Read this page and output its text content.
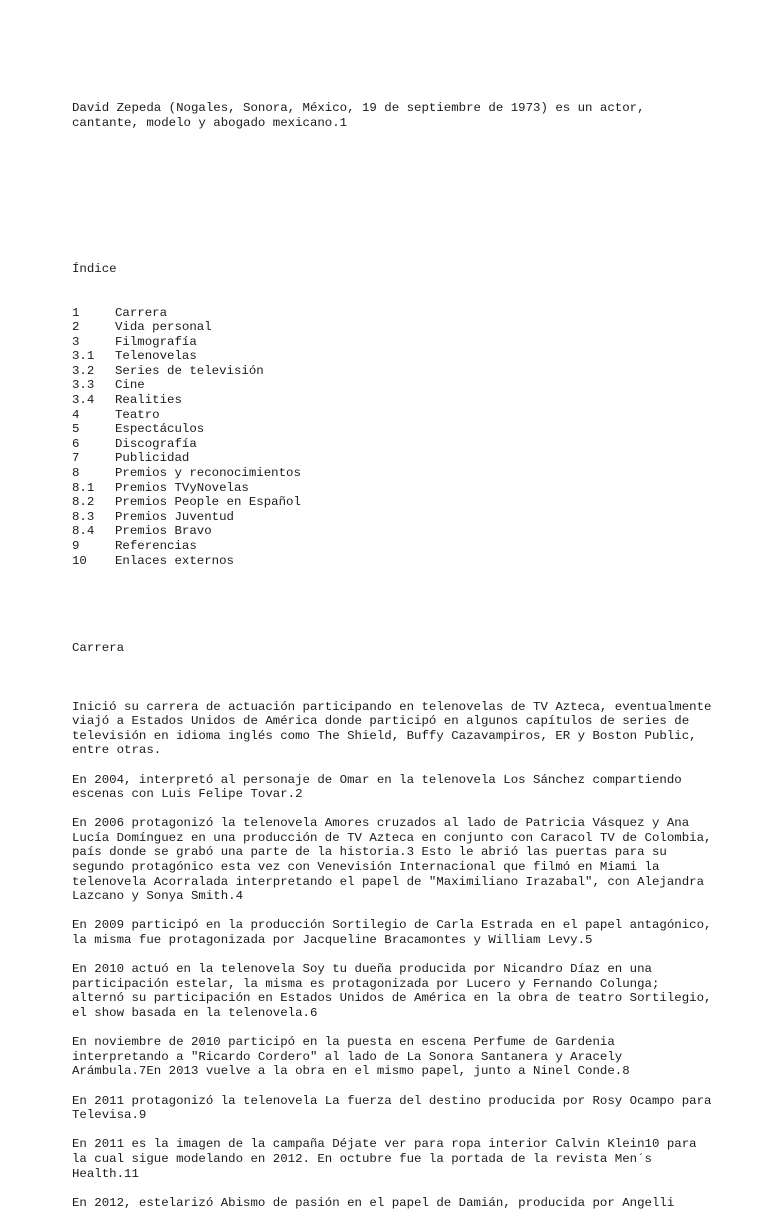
David Zepeda (Nogales, Sonora, México, 19 de septiembre de 1973) es un actor, cantante, modelo y abogado mexicano.1

Índice

1	Carrera
2	Vida personal
3	Filmografía
3.1	Telenovelas
3.2	Series de televisión
3.3	Cine
3.4	Realities
4	Teatro
5	Espectáculos
6	Discografía
7	Publicidad
8	Premios y reconocimientos
8.1	Premios TVyNovelas
8.2	Premios People en Español
8.3	Premios Juventud
8.4	Premios Bravo
9	Referencias
10	Enlaces externos

Carrera

Inició su carrera de actuación participando en telenovelas de TV Azteca, eventualmente viajó a Estados Unidos de América donde participó en algunos capítulos de series de televisión en idioma inglés como The Shield, Buffy Cazavampiros, ER y Boston Public, entre otras.

En 2004, interpretó al personaje de Omar en la telenovela Los Sánchez compartiendo escenas con Luis Felipe Tovar.2

En 2006 protagonizó la telenovela Amores cruzados al lado de Patricia Vásquez y Ana Lucía Domínguez en una producción de TV Azteca en conjunto con Caracol TV de Colombia, país donde se grabó una parte de la historia.3 Esto le abrió las puertas para su segundo protagónico esta vez con Venevisión Internacional que filmó en Miami la telenovela Acorralada interpretando el papel de "Maximiliano Irazabal", con Alejandra Lazcano y Sonya Smith.4

En 2009 participó en la producción Sortilegio de Carla Estrada en el papel antagónico, la misma fue protagonizada por Jacqueline Bracamontes y William Levy.5

En 2010 actuó en la telenovela Soy tu dueña producida por Nicandro Díaz en una participación estelar, la misma es protagonizada por Lucero y Fernando Colunga; alternó su participación en Estados Unidos de América en la obra de teatro Sortilegio, el show basada en la telenovela.6

En noviembre de 2010 participó en la puesta en escena Perfume de Gardenia interpretando a "Ricardo Cordero" al lado de La Sonora Santanera y Aracely Arámbula.7En 2013 vuelve a la obra en el mismo papel, junto a Ninel Conde.8

En 2011 protagonizó la telenovela La fuerza del destino producida por Rosy Ocampo para Televisa.9

En 2011 es la imagen de la campaña Déjate ver para ropa interior Calvin Klein10 para la cual sigue modelando en 2012. En octubre fue la portada de la revista Men´s Health.11

En 2012, estelarizó Abismo de pasión en el papel de Damián, producida por Angelli
